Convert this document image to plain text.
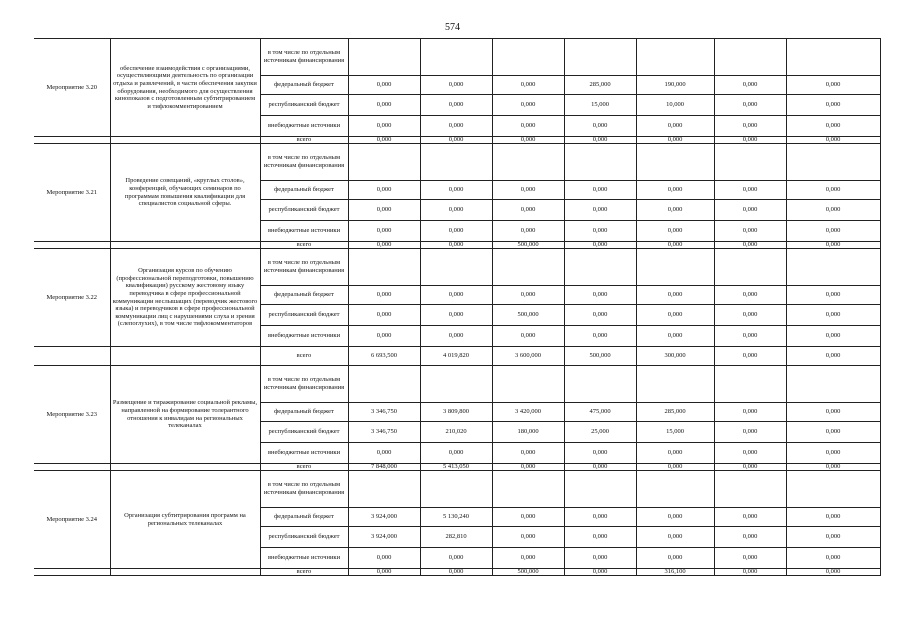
574
Мероприятие 3.20	обеспечение взаимодействия с организациями, осуществляющими деятельность по организации отдыха и развлечений, в части обеспечения закупки оборудования, необходимого для осуществления кинопоказов с подготовленным субтитрированием и тифлокомментированием	в том числе по отдельным источникам финансирования							
		федеральный бюджет	0,000	0,000	0,000	285,000	190,000	0,000	0,000
		республиканский бюджет	0,000	0,000	0,000	15,000	10,000	0,000	0,000
		внебюджетные источники	0,000	0,000	0,000	0,000	0,000	0,000	0,000
		всего	0,000	0,000	0,000	0,000	0,000	0,000	0,000
Мероприятие 3.21	Проведение совещаний, «круглых столов», конференций, обучающих семинаров по программам повышения квалификации для специалистов социальной сферы.	в том числе по отдельным источникам финансирования							
		федеральный бюджет	0,000	0,000	0,000	0,000	0,000	0,000	0,000
		республиканский бюджет	0,000	0,000	0,000	0,000	0,000	0,000	0,000
		внебюджетные источники	0,000	0,000	0,000	0,000	0,000	0,000	0,000
		всего	0,000	0,000	500,000	0,000	0,000	0,000	0,000
Мероприятие 3.22	Организация курсов по обучению (профессиональной переподготовки, повышению квалификации) русскому жестовому языку переводчика в сфере профессиональной коммуникации неслышащих (переводчик жестового языка) и переводчиков в сфере профессиональной коммуникации лиц с нарушениями слуха и зрения (слепоглухих), в том числе тифлокомментаторов	в том числе по отдельным источникам финансирования							
		федеральный бюджет	0,000	0,000	0,000	0,000	0,000	0,000	0,000
		республиканский бюджет	0,000	0,000	500,000	0,000	0,000	0,000	0,000
		внебюджетные источники	0,000	0,000	0,000	0,000	0,000	0,000	0,000
		всего	6 693,500	4 019,820	3 600,000	500,000	300,000	0,000	0,000
Мероприятие 3.23	Размещение и тиражирование социальной рекламы, направленной на формирование толерантного отношения к инвалидам на региональных телеканалах	в том числе по отдельным источникам финансирования							
		федеральный бюджет	3 346,750	3 809,800	3 420,000	475,000	285,000	0,000	0,000
		республиканский бюджет	3 346,750	210,020	180,000	25,000	15,000	0,000	0,000
		внебюджетные источники	0,000	0,000	0,000	0,000	0,000	0,000	0,000
		всего	7 848,000	5 413,050	0,000	0,000	0,000	0,000	0,000
Мероприятие 3.24	Организация субтитрирования программ на региональных телеканалах	в том числе по отдельным источникам финансирования							
		федеральный бюджет	3 924,000	5 130,240	0,000	0,000	0,000	0,000	0,000
		республиканский бюджет	3 924,000	282,810	0,000	0,000	0,000	0,000	0,000
		внебюджетные источники	0,000	0,000	0,000	0,000	0,000	0,000	0,000
		всего	0,000	0,000	500,000	0,000	316,100	0,000	0,000
